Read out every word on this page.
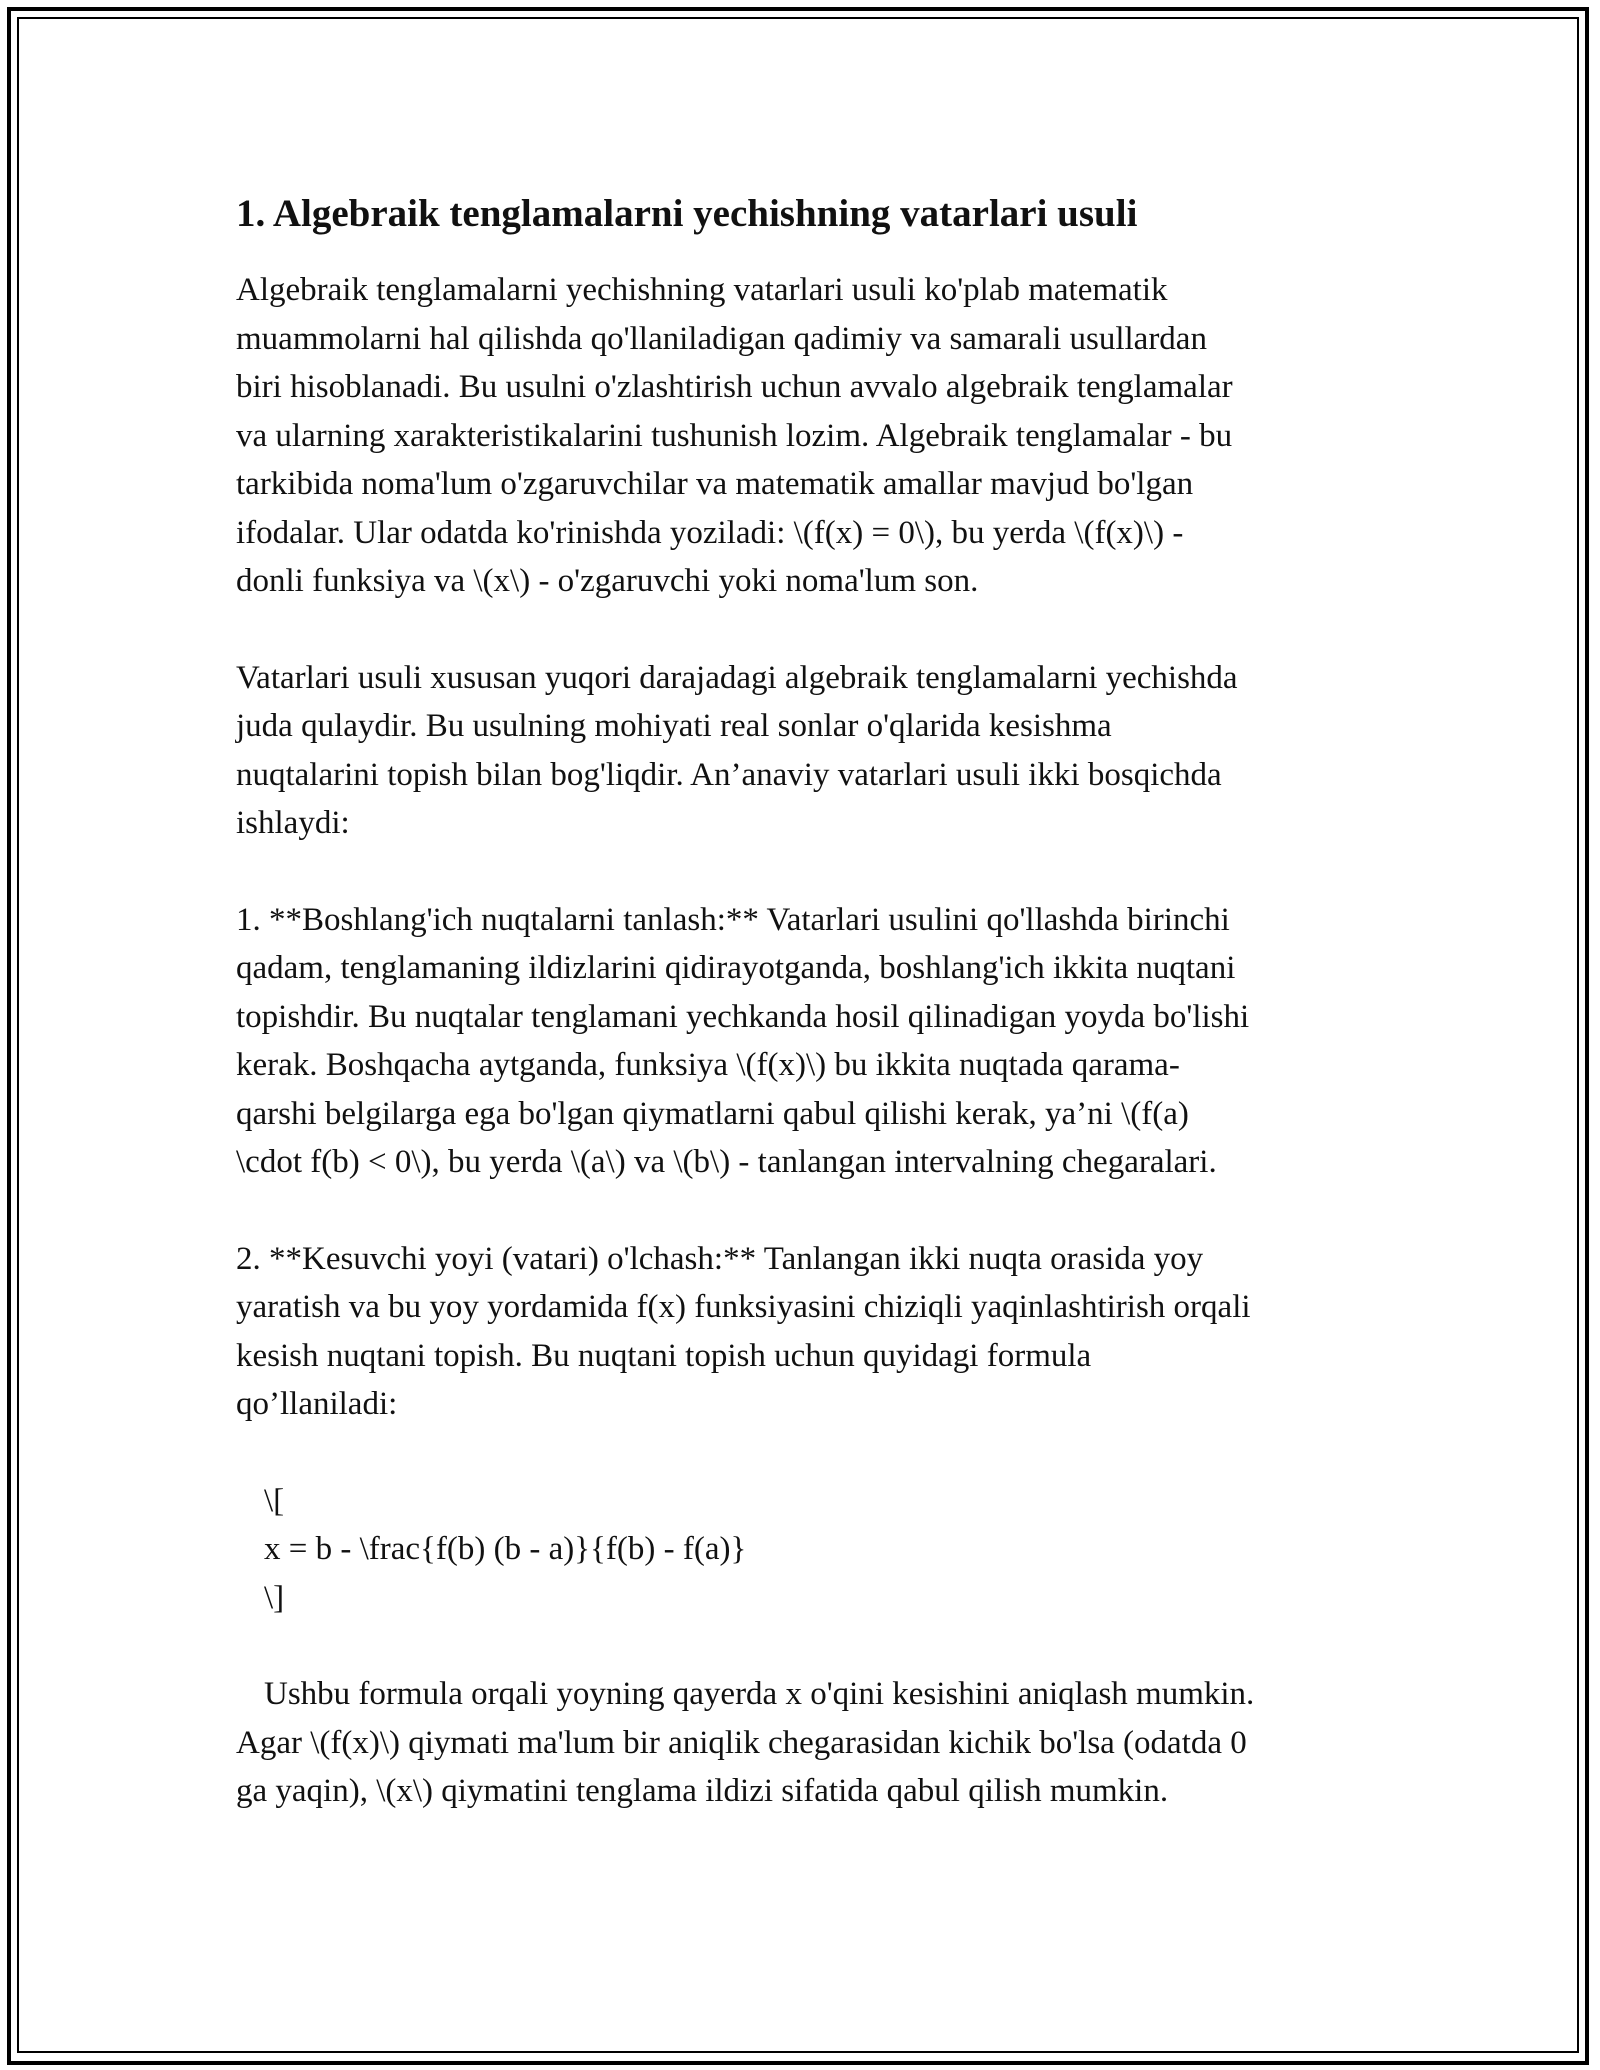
1. Algebraik tenglamalarni yechishning vatarlari usuli

Algebraik tenglamalarni yechishning vatarlari usuli ko'plab matematik
muammolarni hal qilishda qo'llaniladigan qadimiy va samarali usullardan
biri hisoblanadi. Bu usulni o'zlashtirish uchun avvalo algebraik tenglamalar
va ularning xarakteristikalarini tushunish lozim. Algebraik tenglamalar - bu
tarkibida noma'lum o'zgaruvchilar va matematik amallar mavjud bo'lgan
ifodalar. Ular odatda ko'rinishda yoziladi: \(f(x) = 0\), bu yerda \(f(x)\) -
donli funksiya va \(x\) - o'zgaruvchi yoki noma'lum son.

Vatarlari usuli xususan yuqori darajadagi algebraik tenglamalarni yechishda
juda qulaydir. Bu usulning mohiyati real sonlar o'qlarida kesishma
nuqtalarini topish bilan bog'liqdir. An’anaviy vatarlari usuli ikki bosqichda
ishlaydi:

1. **Boshlang'ich nuqtalarni tanlash:** Vatarlari usulini qo'llashda birinchi
qadam, tenglamaning ildizlarini qidirayotganda, boshlang'ich ikkita nuqtani
topishdir. Bu nuqtalar tenglamani yechkanda hosil qilinadigan yoyda bo'lishi
kerak. Boshqacha aytganda, funksiya \(f(x)\) bu ikkita nuqtada qarama-
qarshi belgilarga ega bo'lgan qiymatlarni qabul qilishi kerak, ya’ni \(f(a)
\cdot f(b) < 0\), bu yerda \(a\) va \(b\) - tanlangan intervalning chegaralari.

2. **Kesuvchi yoyi (vatari) o'lchash:** Tanlangan ikki nuqta orasida yoy
yaratish va bu yoy yordamida f(x) funksiyasini chiziqli yaqinlashtirish orqali
kesish nuqtani topish. Bu nuqtani topish uchun quyidagi formula
qo’llaniladi:

\[
x = b - \frac{f(b) (b - a)}{f(b) - f(a)}
\]

Ushbu formula orqali yoyning qayerda x o'qini kesishini aniqlash mumkin.
Agar \(f(x)\) qiymati ma'lum bir aniqlik chegarasidan kichik bo'lsa (odatda 0
ga yaqin), \(x\) qiymatini tenglama ildizi sifatida qabul qilish mumkin.
